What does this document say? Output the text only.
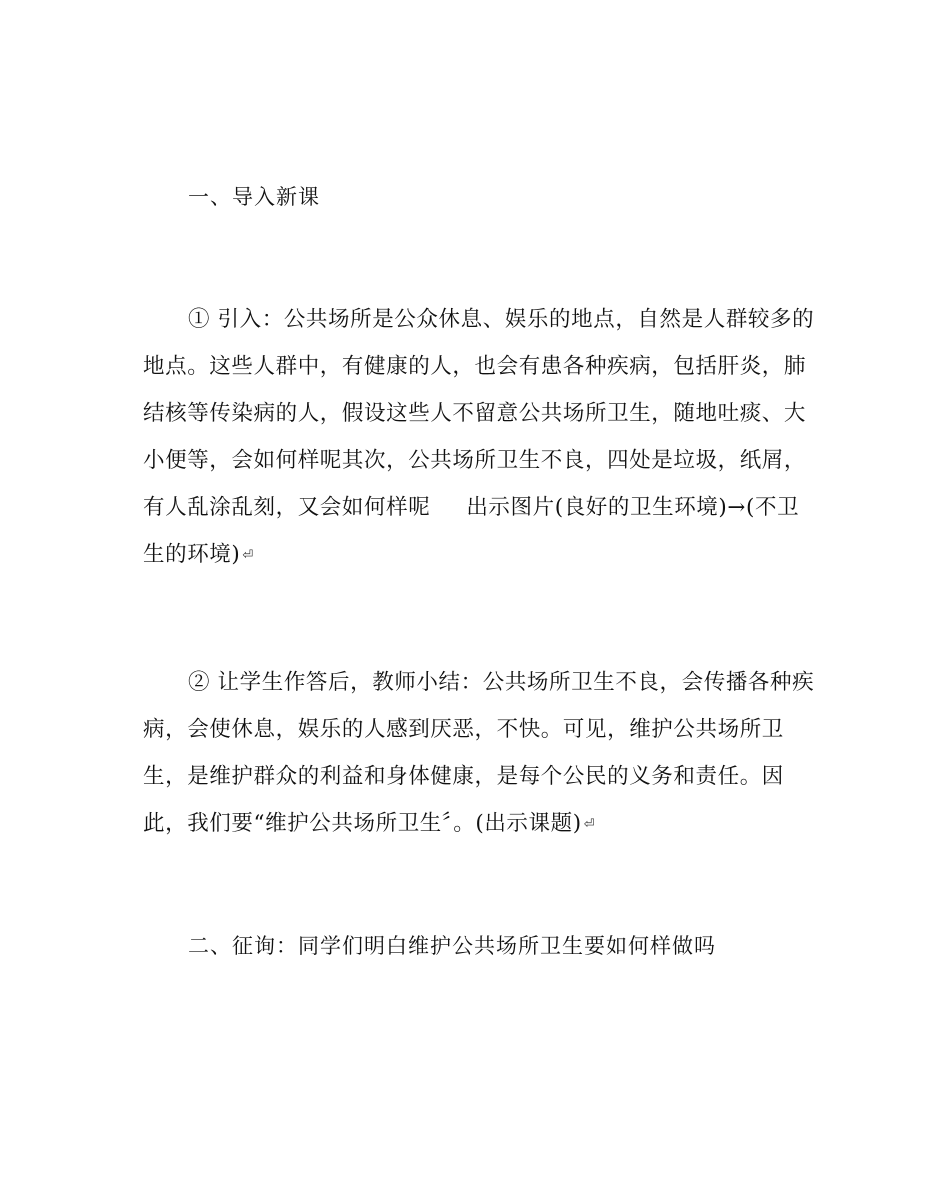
一、导入新课
① 引入：公共场所是公众休息、娱乐的地点，自然是人群较多的
地点。这些人群中，有健康的人，也会有患各种疾病，包括肝炎，肺
结核等传染病的人，假设这些人不留意公共场所卫生，随地吐痰、大
小便等，会如何样呢其次，公共场所卫生不良，四处是垃圾，纸屑，
有人乱涂乱刻，又会如何样呢 出示图片(良好的卫生环境)→(不卫
生的环境) ⏎
② 让学生作答后，教师小结：公共场所卫生不良，会传播各种疾
病，会使休息，娱乐的人感到厌恶，不快。可见，维护公共场所卫
生，是维护群众的利益和身体健康，是每个公民的义务和责任。因
此，我们要“维护公共场所卫生〞。(出示课题) ⏎
二、征询：同学们明白维护公共场所卫生要如何样做吗
